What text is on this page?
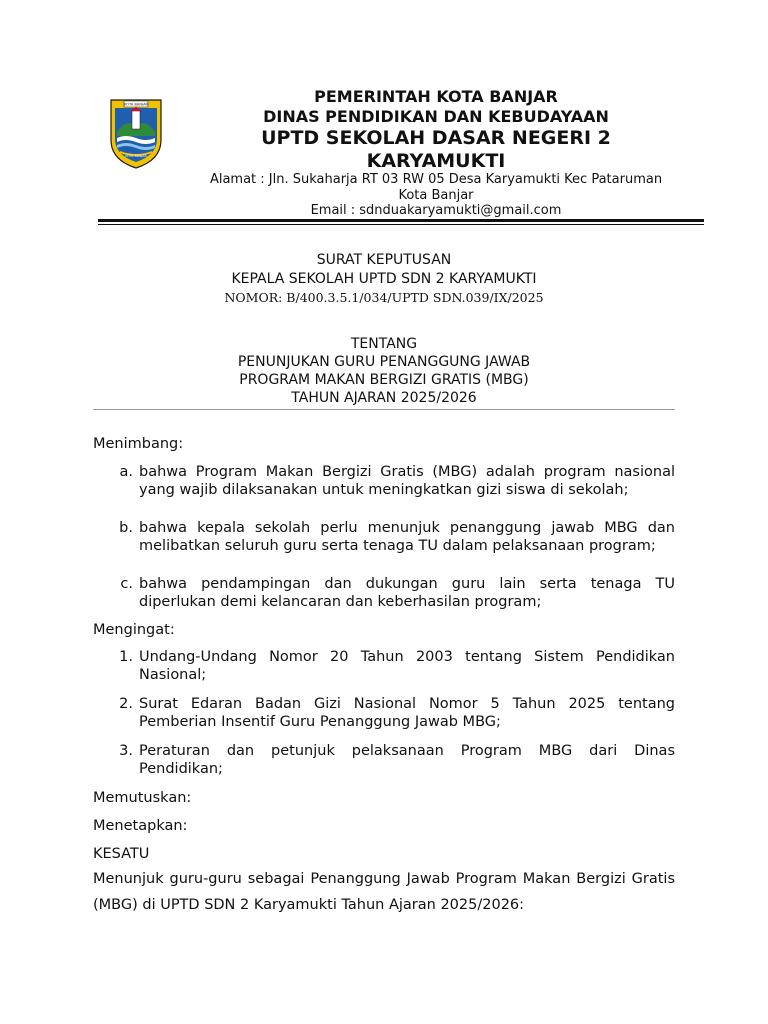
KOTA BANJAR
KOTA BANJAR
PEMERINTAH KOTA BANJAR
DINAS PENDIDIKAN DAN KEBUDAYAAN
UPTD SEKOLAH DASAR NEGERI 2
KARYAMUKTI
Alamat : Jln. Sukaharja RT 03 RW 05 Desa Karyamukti Kec Pataruman
Kota Banjar
Email : sdnduakaryamukti@gmail.com
SURAT KEPUTUSAN
KEPALA SEKOLAH UPTD SDN 2 KARYAMUKTI
NOMOR: B/400.3.5.1/034/UPTD SDN.039/IX/2025
TENTANG
PENUNJUKAN GURU PENANGGUNG JAWAB
PROGRAM MAKAN BERGIZI GRATIS (MBG)
TAHUN AJARAN 2025/2026
Menimbang:
a. bahwa Program Makan Bergizi Gratis (MBG) adalah program nasional yang wajib dilaksanakan untuk meningkatkan gizi siswa di sekolah;
b. bahwa kepala sekolah perlu menunjuk penanggung jawab MBG dan melibatkan seluruh guru serta tenaga TU dalam pelaksanaan program;
c. bahwa pendampingan dan dukungan guru lain serta tenaga TU diperlukan demi kelancaran dan keberhasilan program;
Mengingat:
1. Undang-Undang Nomor 20 Tahun 2003 tentang Sistem Pendidikan Nasional;
2. Surat Edaran Badan Gizi Nasional Nomor 5 Tahun 2025 tentang Pemberian Insentif Guru Penanggung Jawab MBG;
3. Peraturan dan petunjuk pelaksanaan Program MBG dari Dinas Pendidikan;
Memutuskan:
Menetapkan:
KESATU
Menunjuk guru-guru sebagai Penanggung Jawab Program Makan Bergizi Gratis (MBG) di UPTD SDN 2 Karyamukti Tahun Ajaran 2025/2026:
